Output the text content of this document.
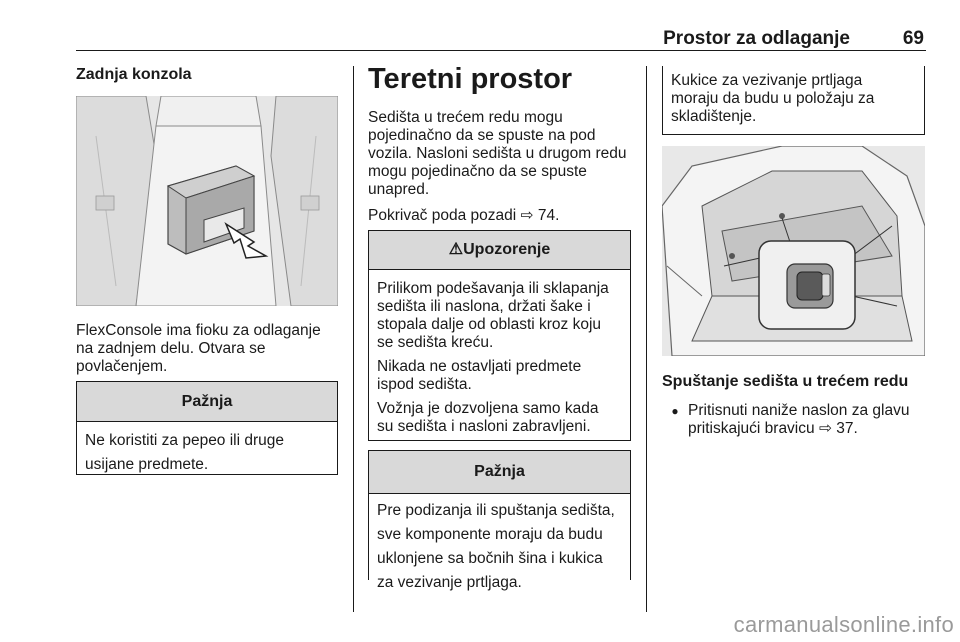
Prostor za odlaganje	69
Zadnja konzola

FlexConsole ima fioku za odlaganje

na zadnjem delu. Otvara se

povlačenjem.

Pažnja

Ne koristiti za pepeo ili druge

usijane predmete.

Teretni prostor

Sedišta u trećem redu mogu

pojedinačno da se spuste na pod

vozila. Nasloni sedišta u drugom redu

mogu pojedinačno da se spuste

unapred.

Pokrivač poda pozadi ⇨ 74.
⚠Upozorenje

Prilikom podešavanja ili sklapanja
sedišta ili naslona, držati šake i
stopala dalje od oblasti kroz koju
se sedišta kreću.

Nikada ne ostavljati predmete
ispod sedišta.

Vožnja je dozvoljena samo kada
su sedišta i nasloni zabravljeni.

Pažnja

Pre podizanja ili spuštanja sedišta,

sve komponente moraju da budu

uklonjene sa bočnih šina i kukica

za vezivanje prtljaga.

Kukice za vezivanje prtljaga

moraju da budu u položaju za

skladištenje.

Spuštanje sedišta u trećem redu
● Pritisnuti naniže naslon za glavu

pritiskajući bravicu ⇨ 37.

carmanualsonline.info
